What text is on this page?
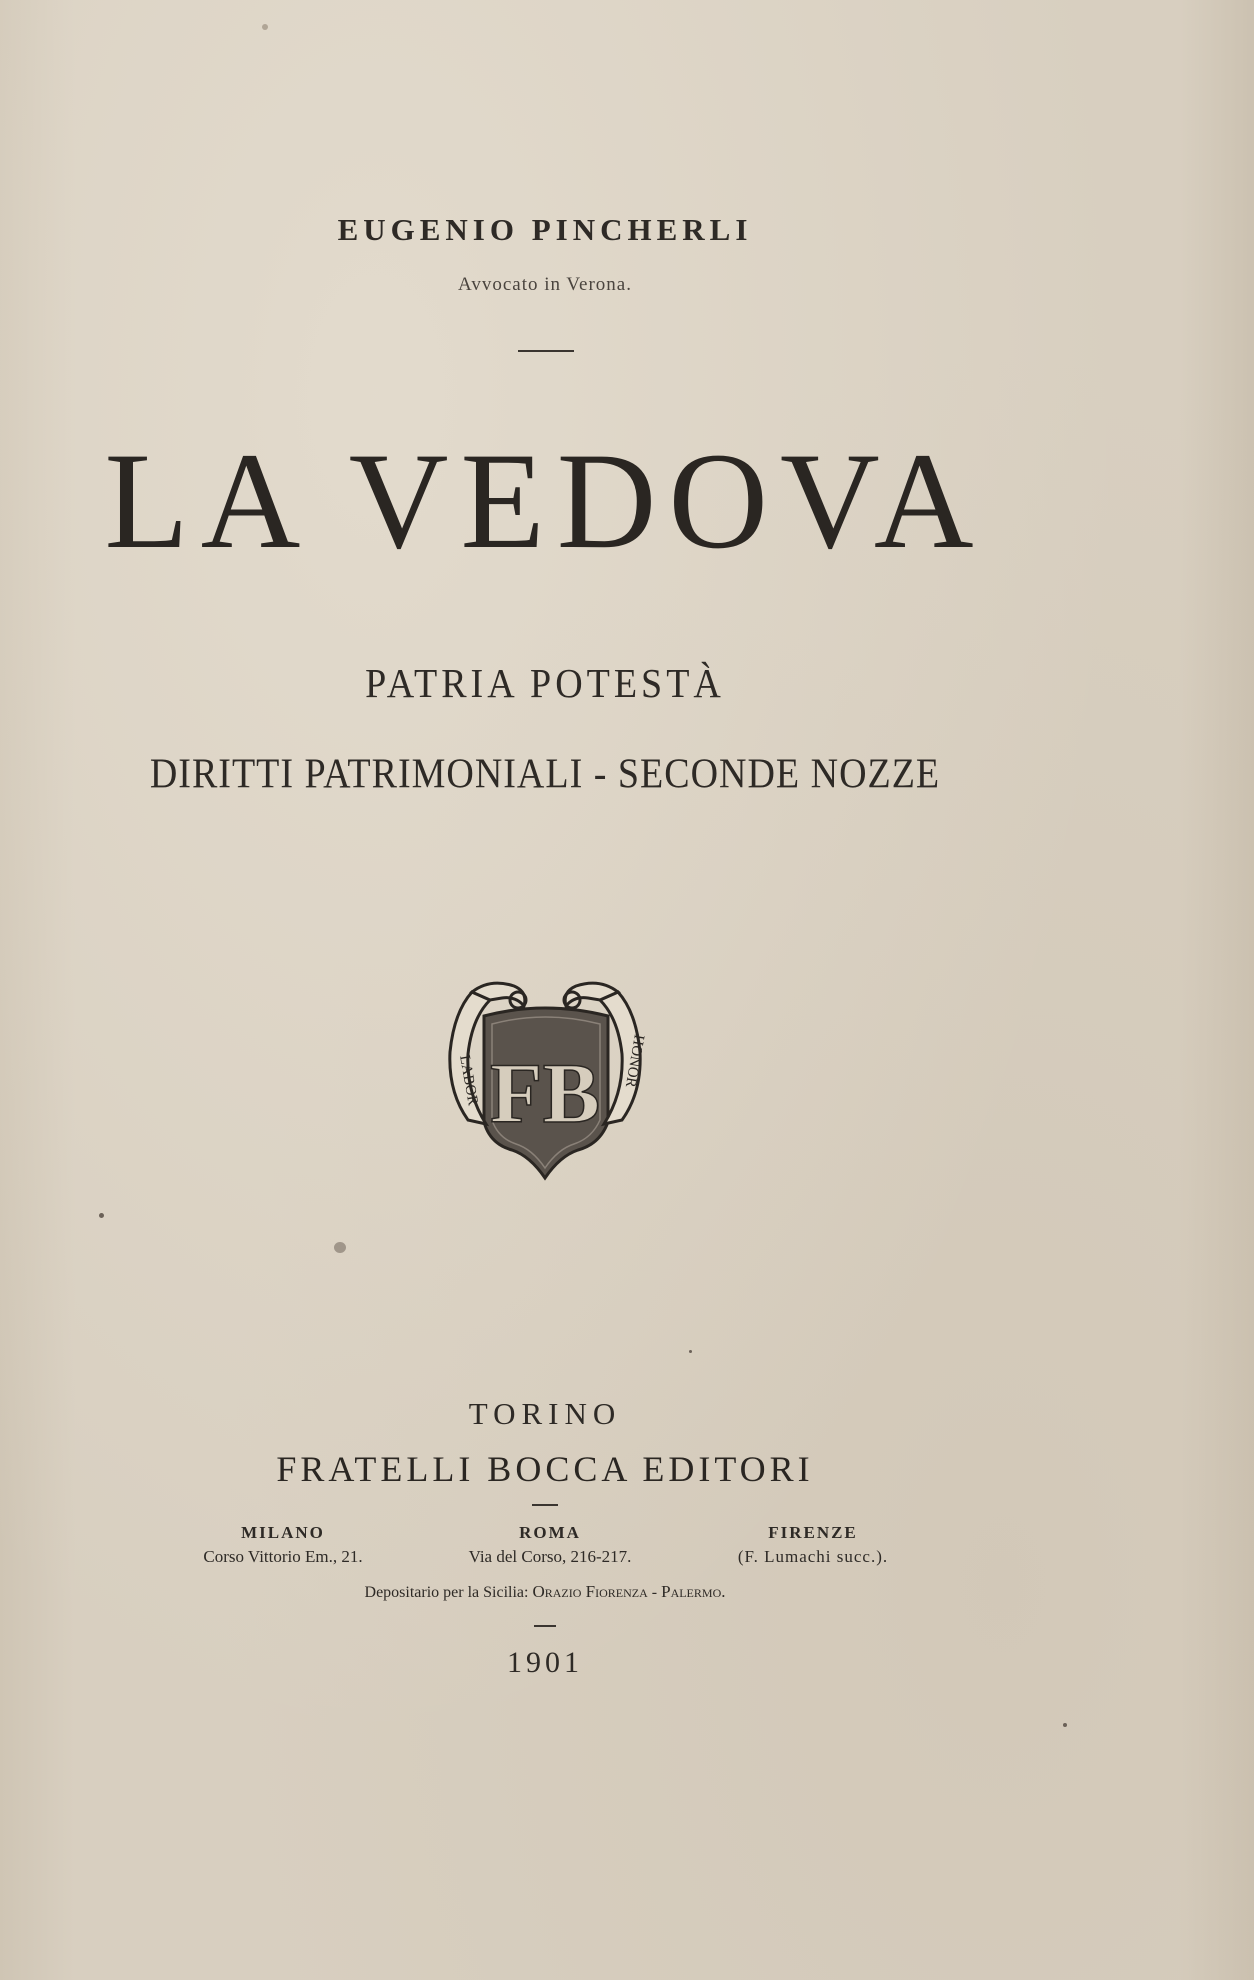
EUGENIO PINCHERLI
Avvocato in Verona.
LA VEDOVA
PATRIA POTESTÀ
DIRITTI PATRIMONIALI - SECONDE NOZZE
LABOR	HONOR
FB
TORINO
FRATELLI BOCCA EDITORI
MILANO
Corso Vittorio Em., 21.
ROMA
Via del Corso, 216-217.
FIRENZE
(F. Lumachi succ.).
Depositario per la Sicilia: Orazio Fiorenza - Palermo.
1901
